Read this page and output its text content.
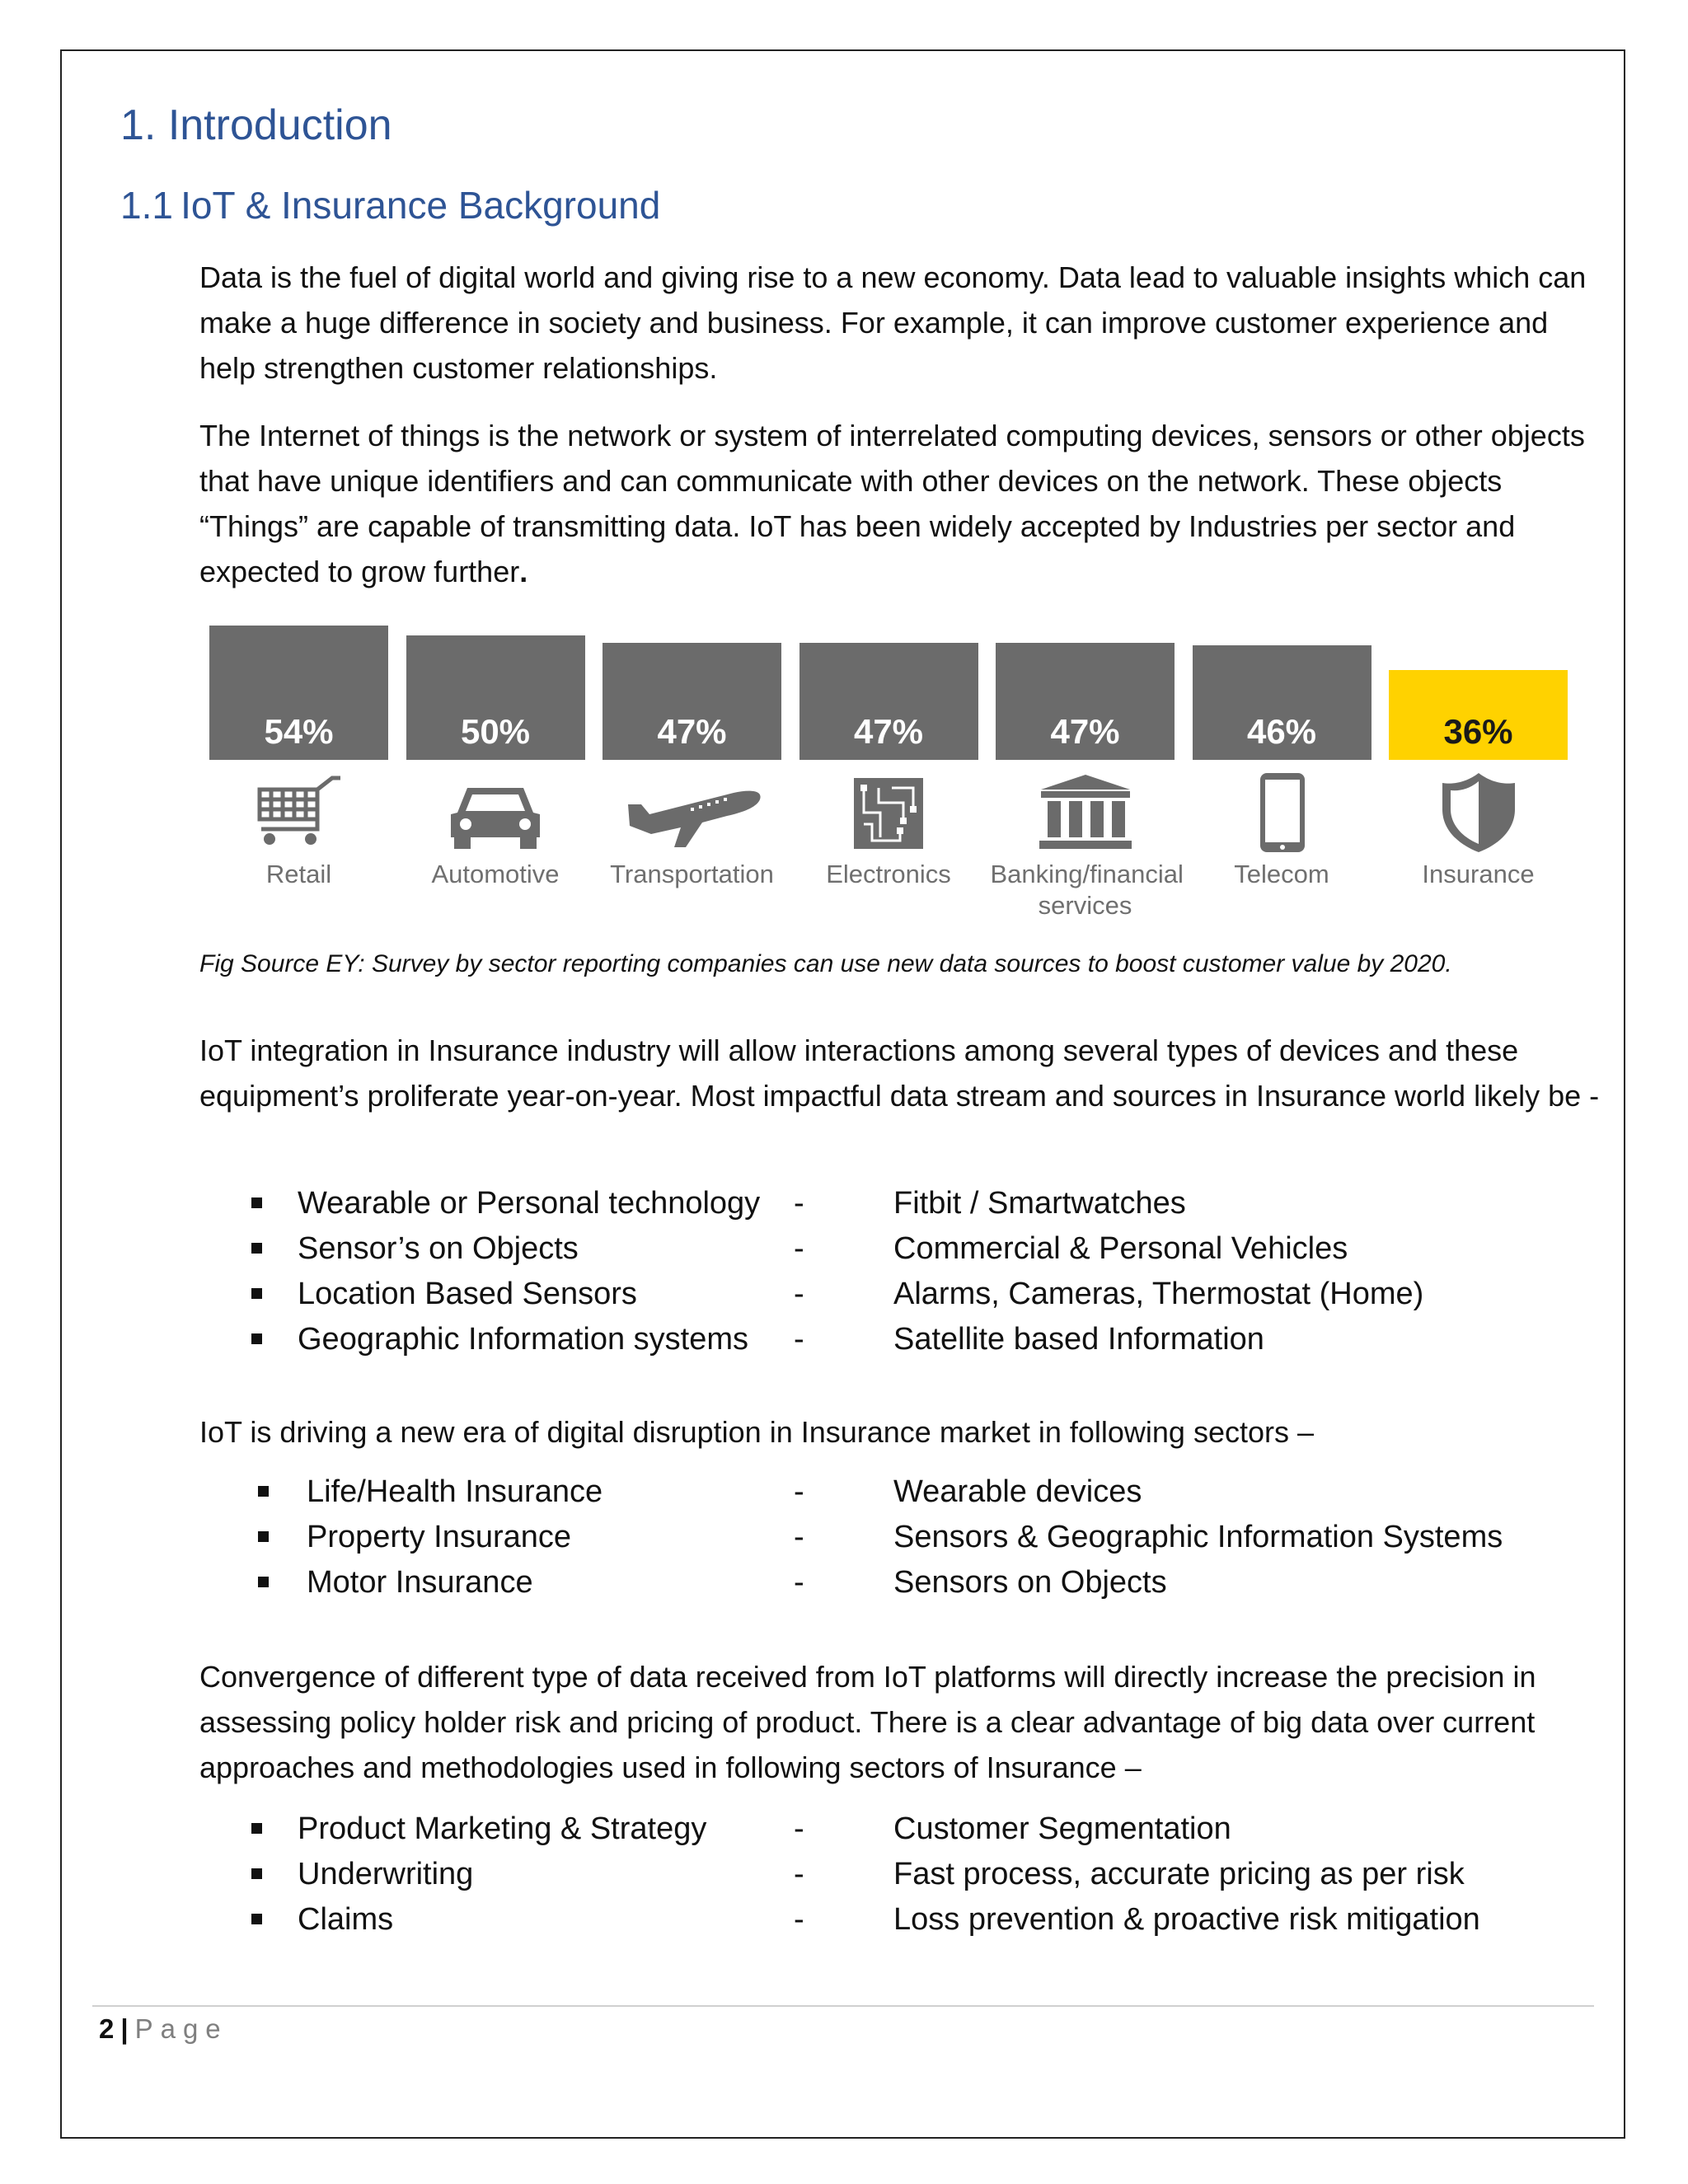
1. Introduction
1.1 IoT & Insurance Background

Data is the fuel of digital world and giving rise to a new economy. Data lead to valuable insights which can make a huge difference in society and business. For example, it can improve customer experience and help strengthen customer relationships.

The Internet of things is the network or system of interrelated computing devices, sensors or other objects that have unique identifiers and can communicate with other devices on the network. These objects “Things” are capable of transmitting data. IoT has been widely accepted by Industries per sector and expected to grow further.

54%
Retail
50%
Automotive
47%
Transportation
47%
Electronics
47%
Banking/financial
services
46%
Telecom
36%
Insurance

Fig Source EY: Survey by sector reporting companies can use new data sources to boost customer value by 2020.

IoT integration in Insurance industry will allow interactions among several types of devices and these equipment’s proliferate year-on-year. Most impactful data stream and sources in Insurance world likely be -

Wearable or Personal technology -	Fitbit / Smartwatches
Sensor’s on Objects	-	Commercial & Personal Vehicles
Location Based Sensors	-	Alarms, Cameras, Thermostat (Home)
Geographic Information systems -	Satellite based Information

IoT is driving a new era of digital disruption in Insurance market in following sectors –

Life/Health Insurance	-	Wearable devices
Property Insurance	-	Sensors & Geographic Information Systems
Motor Insurance	-	Sensors on Objects

Convergence of different type of data received from IoT platforms will directly increase the precision in assessing policy holder risk and pricing of product. There is a clear advantage of big data over current approaches and methodologies used in following sectors of Insurance –

Product Marketing & Strategy	-	Customer Segmentation
Underwriting	-	Fast process, accurate pricing as per risk
Claims	-	Loss prevention & proactive risk mitigation
2 | Page
